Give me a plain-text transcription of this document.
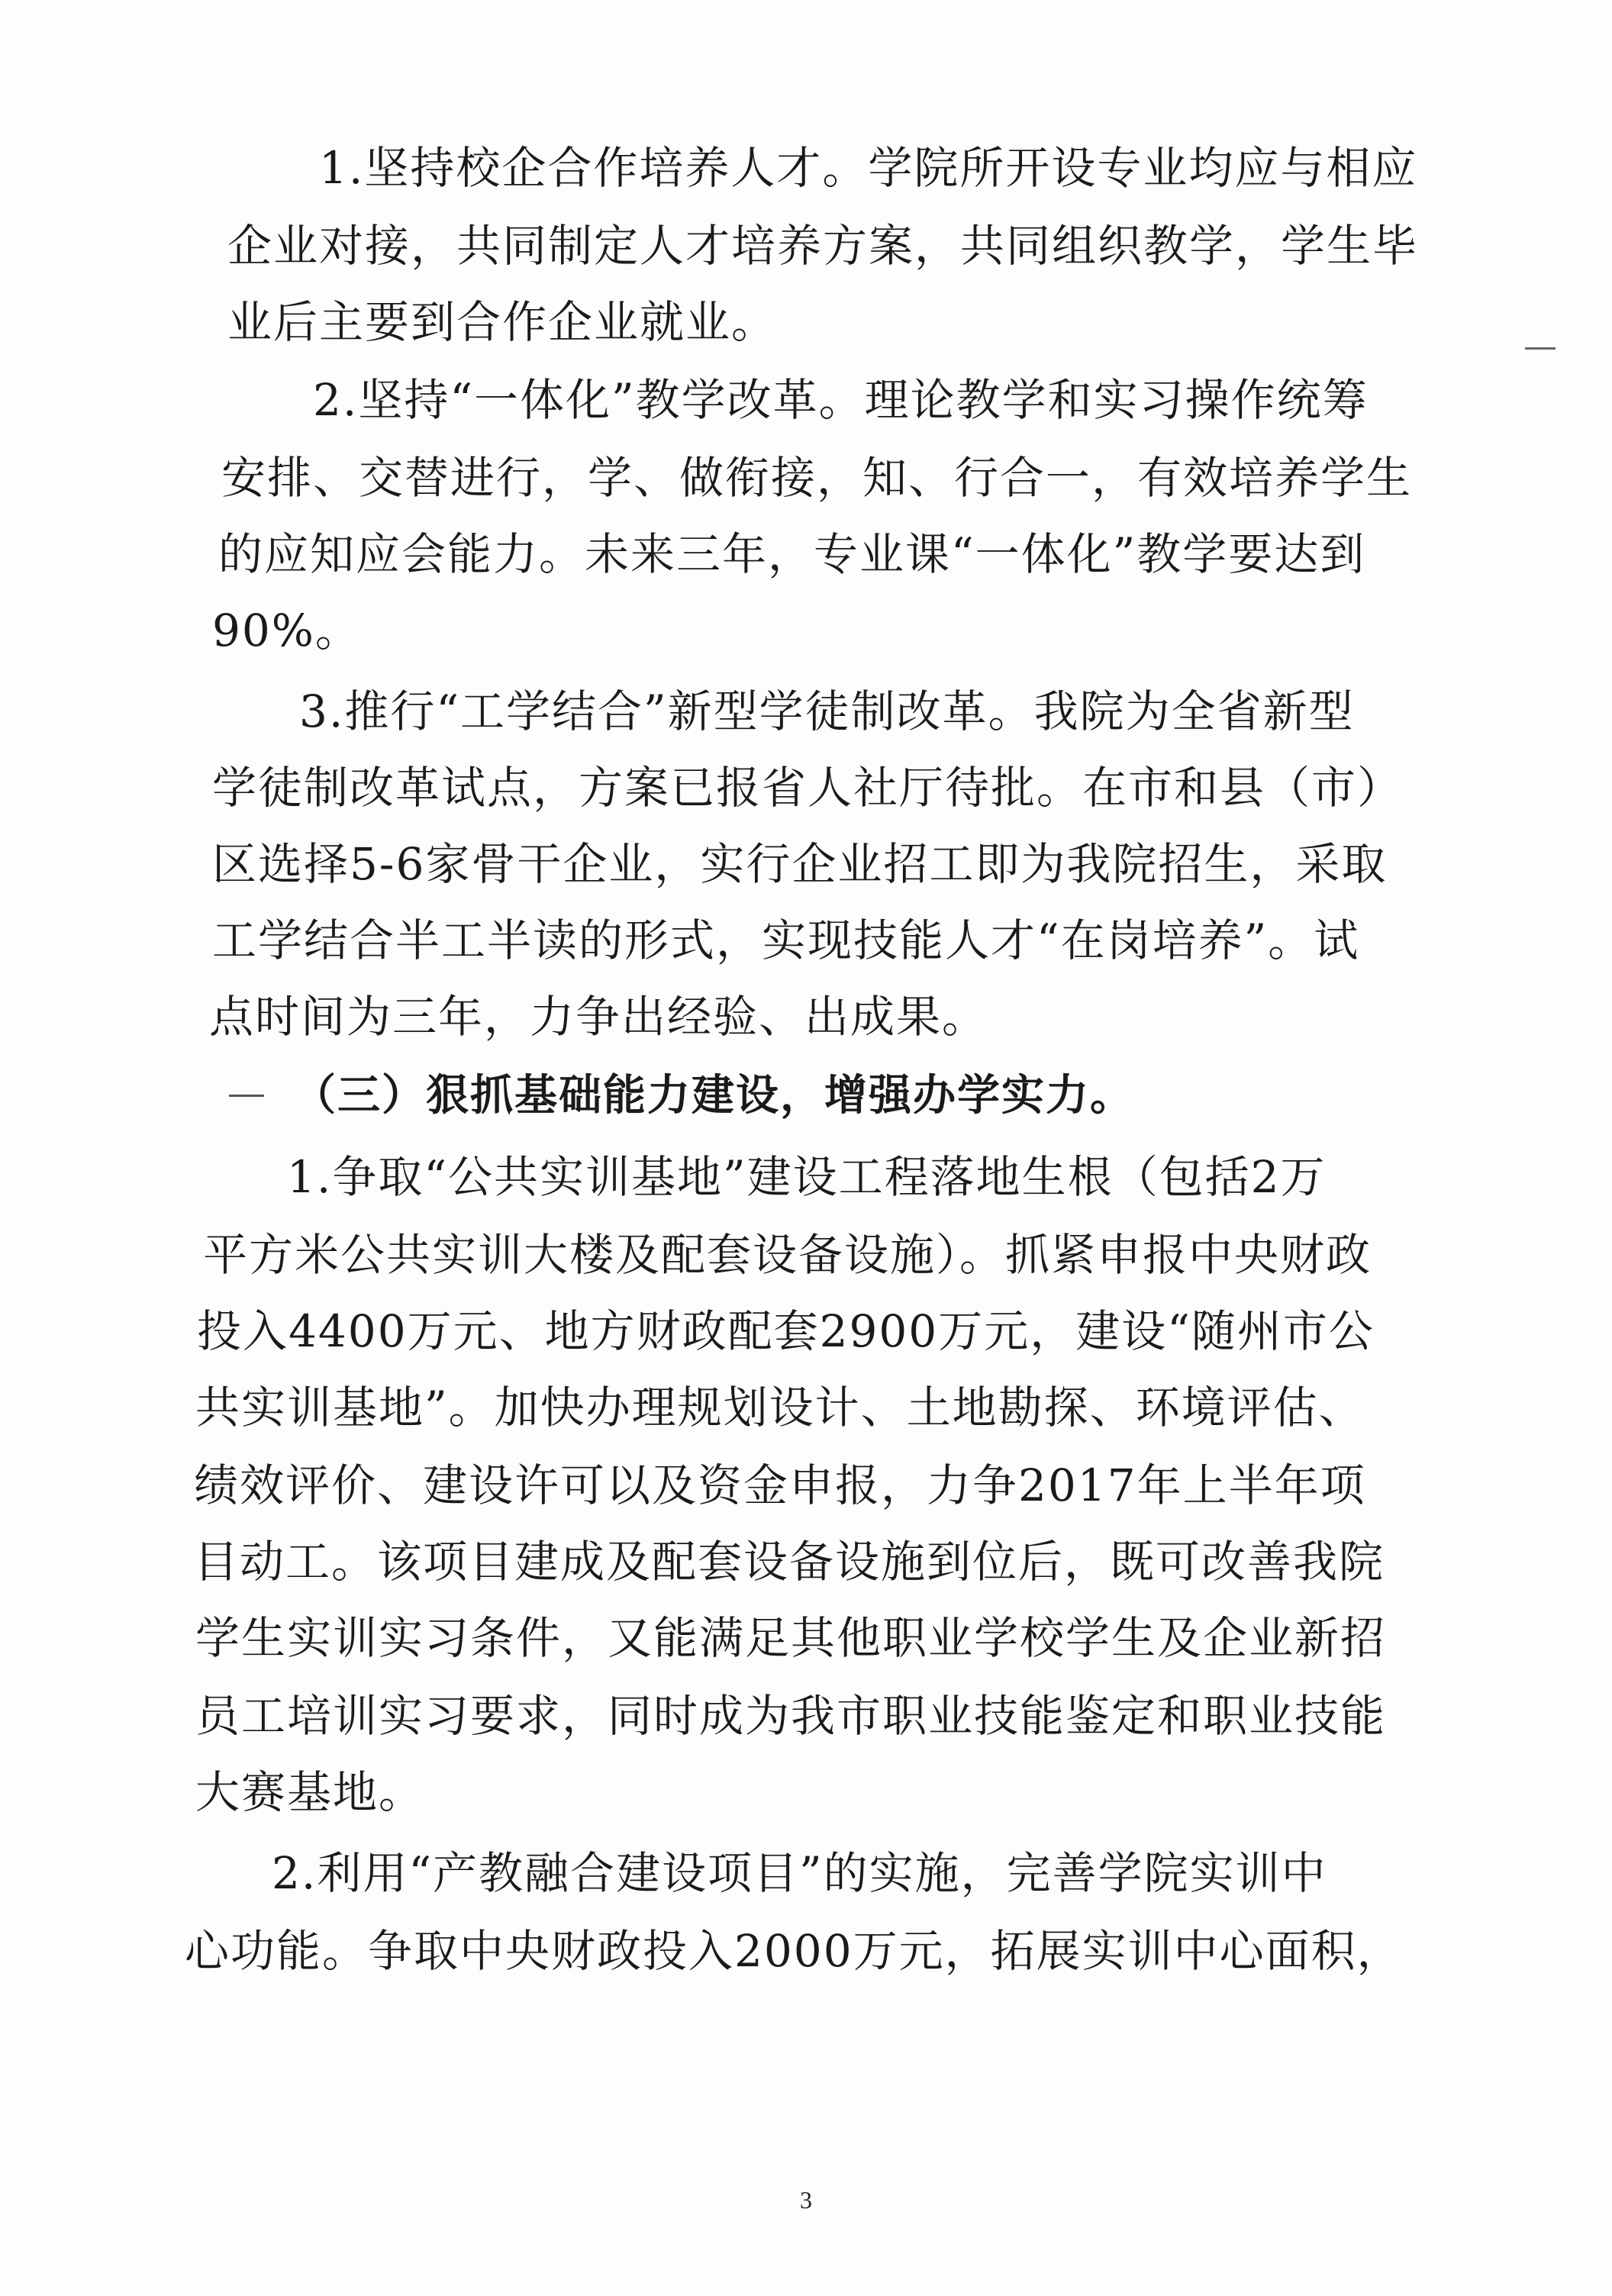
1.坚持校企合作培养人才。学院所开设专业均应与相应

企业对接，共同制定人才培养方案，共同组织教学，学生毕

业后主要到合作企业就业。

2.坚持“一体化”教学改革。理论教学和实习操作统筹

安排、交替进行，学、做衔接，知、行合一，有效培养学生

的应知应会能力。未来三年，专业课“一体化”教学要达到

90%。

3.推行“工学结合”新型学徒制改革。我院为全省新型

学徒制改革试点，方案已报省人社厅待批。在市和县（市）

区选择5-6家骨干企业，实行企业招工即为我院招生，采取

工学结合半工半读的形式，实现技能人才“在岗培养”。试

点时间为三年，力争出经验、出成果。

（三）狠抓基础能力建设，增强办学实力。

1.争取“公共实训基地”建设工程落地生根（包括2万

平方米公共实训大楼及配套设备设施）。抓紧申报中央财政

投入4400万元、地方财政配套2900万元，建设“随州市公

共实训基地”。加快办理规划设计、土地勘探、环境评估、

绩效评价、建设许可以及资金申报，力争2017年上半年项

目动工。该项目建成及配套设备设施到位后，既可改善我院

学生实训实习条件，又能满足其他职业学校学生及企业新招

员工培训实习要求，同时成为我市职业技能鉴定和职业技能

大赛基地。

2.利用“产教融合建设项目”的实施，完善学院实训中

心功能。争取中央财政投入2000万元，拓展实训中心面积，

3
